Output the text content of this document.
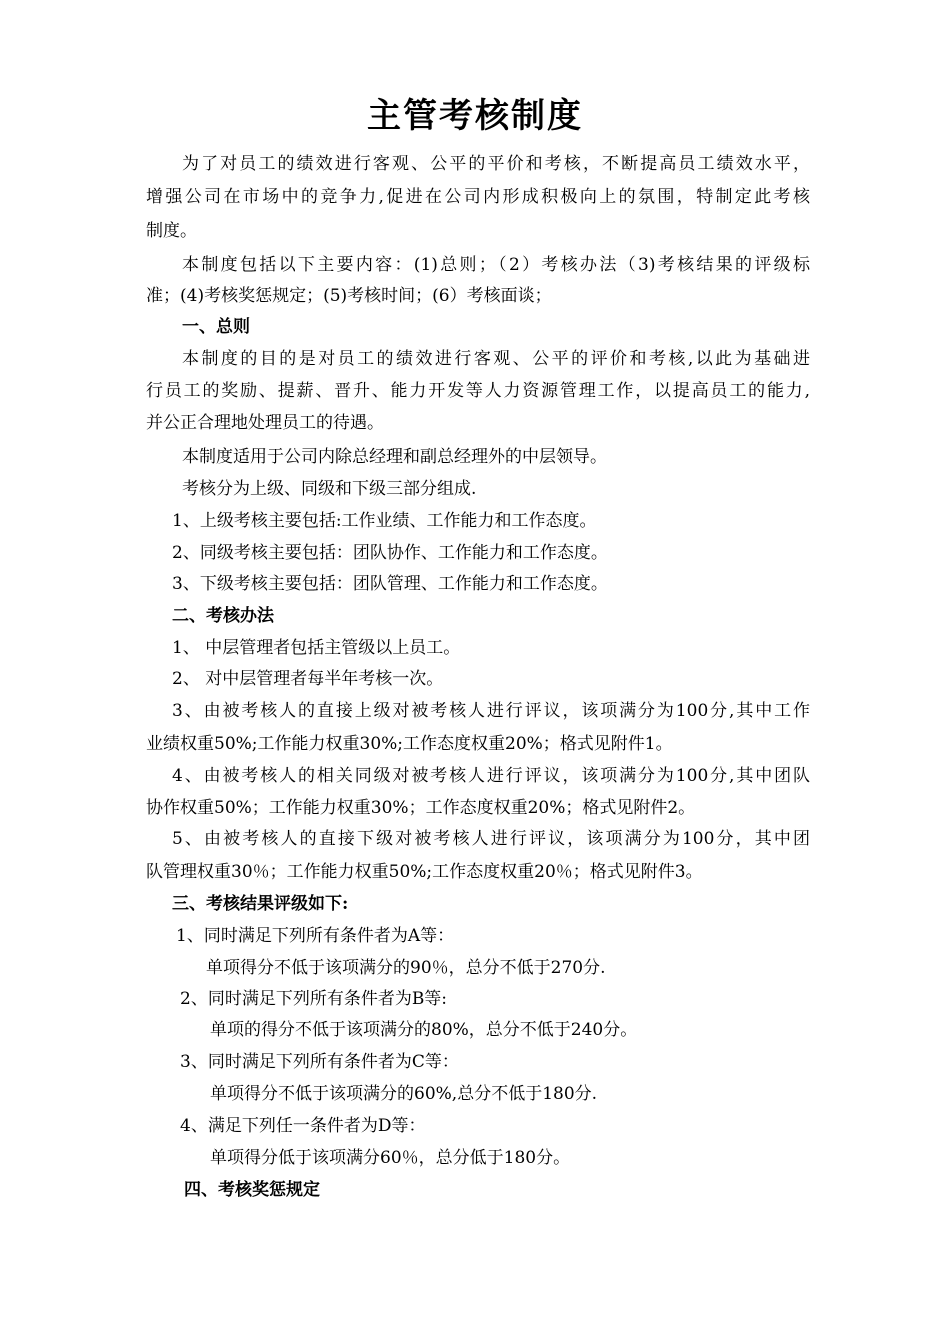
主管考核制度
为了对员工的绩效进行客观、公平的平价和考核，不断提高员工绩效水平，
增强公司在市场中的竞争力,促进在公司内形成积极向上的氛围，特制定此考核
制度。
本制度包括以下主要内容：(1)总则；（2）考核办法（3)考核结果的评级标
准；(4)考核奖惩规定；(5)考核时间；(6）考核面谈；
一、总则
本制度的目的是对员工的绩效进行客观、公平的评价和考核,以此为基础进
行员工的奖励、提薪、晋升、能力开发等人力资源管理工作，以提高员工的能力,
并公正合理地处理员工的待遇。
本制度适用于公司内除总经理和副总经理外的中层领导。
考核分为上级、同级和下级三部分组成.
1、上级考核主要包括:工作业绩、工作能力和工作态度。
2、同级考核主要包括：团队协作、工作能力和工作态度。
3、下级考核主要包括：团队管理、工作能力和工作态度。
二、考核办法
1、 中层管理者包括主管级以上员工。
2、 对中层管理者每半年考核一次。
3、由被考核人的直接上级对被考核人进行评议，该项满分为100分,其中工作
业绩权重50%;工作能力权重30%;工作态度权重20%；格式见附件1。
4、由被考核人的相关同级对被考核人进行评议，该项满分为100分,其中团队
协作权重50%；工作能力权重30%；工作态度权重20%；格式见附件2。
5、由被考核人的直接下级对被考核人进行评议，该项满分为100分，其中团
队管理权重30％；工作能力权重50%;工作态度权重20％；格式见附件3。
三、考核结果评级如下:
1、同时满足下列所有条件者为A等：
单项得分不低于该项满分的90％，总分不低于270分.
2、同时满足下列所有条件者为B等:
单项的得分不低于该项满分的80%，总分不低于240分。
3、同时满足下列所有条件者为C等：
单项得分不低于该项满分的60%,总分不低于180分.
4、满足下列任一条件者为D等：
单项得分低于该项满分60％，总分低于180分。
四、考核奖惩规定
